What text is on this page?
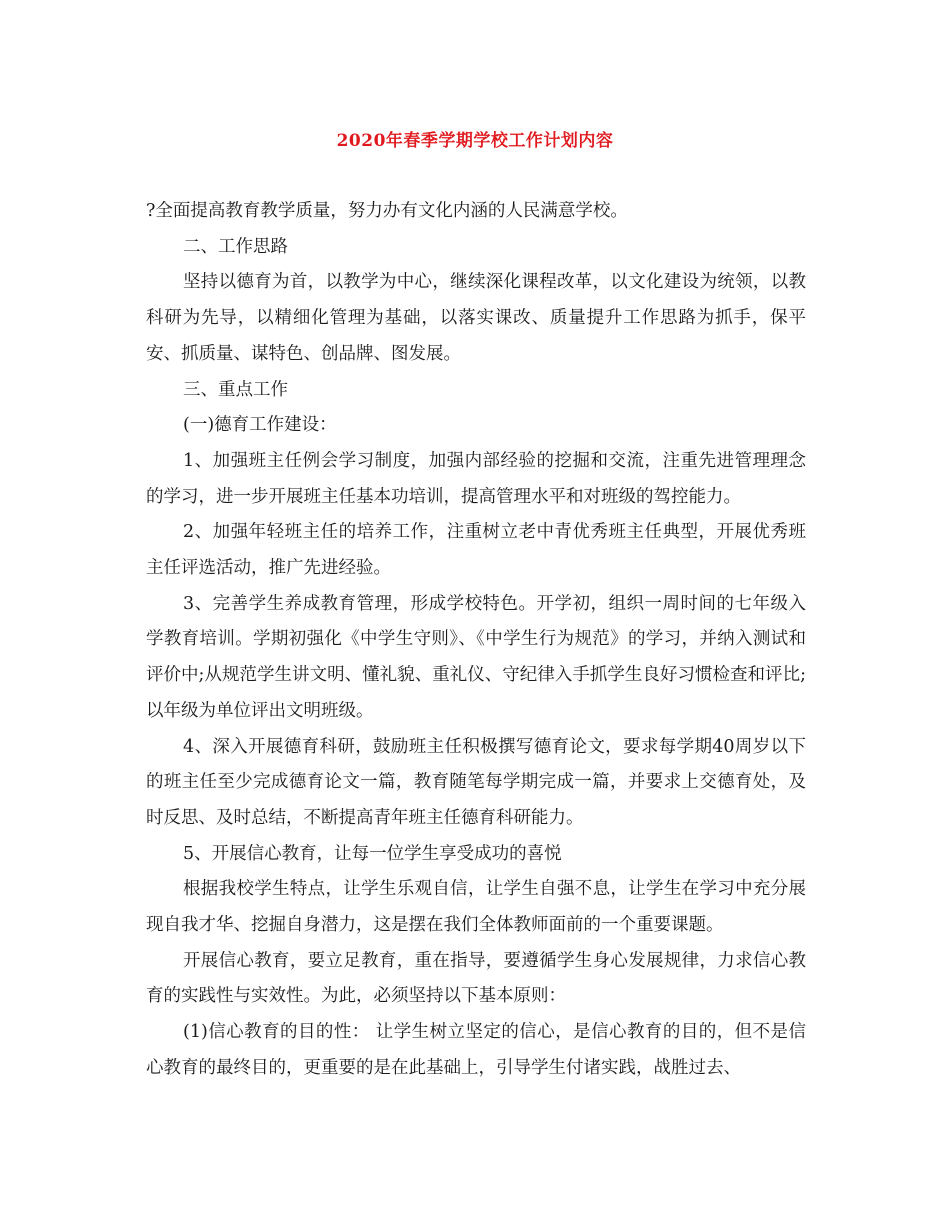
2020年春季学期学校工作计划内容

?全面提高教育教学质量，努力办有文化内涵的人民满意学校。

二、工作思路

坚持以德育为首，以教学为中心，继续深化课程改革，以文化建设为统领，以教科研为先导，以精细化管理为基础，以落实课改、质量提升工作思路为抓手，保平安、抓质量、谋特色、创品牌、图发展。

三、重点工作

(一)德育工作建设：

1、加强班主任例会学习制度，加强内部经验的挖掘和交流，注重先进管理理念的学习，进一步开展班主任基本功培训，提高管理水平和对班级的驾控能力。

2、加强年轻班主任的培养工作，注重树立老中青优秀班主任典型，开展优秀班主任评选活动，推广先进经验。

3、完善学生养成教育管理，形成学校特色。开学初，组织一周时间的七年级入学教育培训。学期初强化《中学生守则》、《中学生行为规范》的学习，并纳入测试和评价中;从规范学生讲文明、懂礼貌、重礼仪、守纪律入手抓学生良好习惯检查和评比;以年级为单位评出文明班级。

4、深入开展德育科研，鼓励班主任积极撰写德育论文，要求每学期40周岁以下的班主任至少完成德育论文一篇，教育随笔每学期完成一篇，并要求上交德育处，及时反思、及时总结，不断提高青年班主任德育科研能力。

5、开展信心教育，让每一位学生享受成功的喜悦

根据我校学生特点，让学生乐观自信，让学生自强不息，让学生在学习中充分展现自我才华、挖掘自身潜力，这是摆在我们全体教师面前的一个重要课题。

开展信心教育，要立足教育，重在指导，要遵循学生身心发展规律，力求信心教育的实践性与实效性。为此，必须坚持以下基本原则：

(1)信心教育的目的性： 让学生树立坚定的信心，是信心教育的目的，但不是信心教育的最终目的，更重要的是在此基础上，引导学生付诸实践，战胜过去、
